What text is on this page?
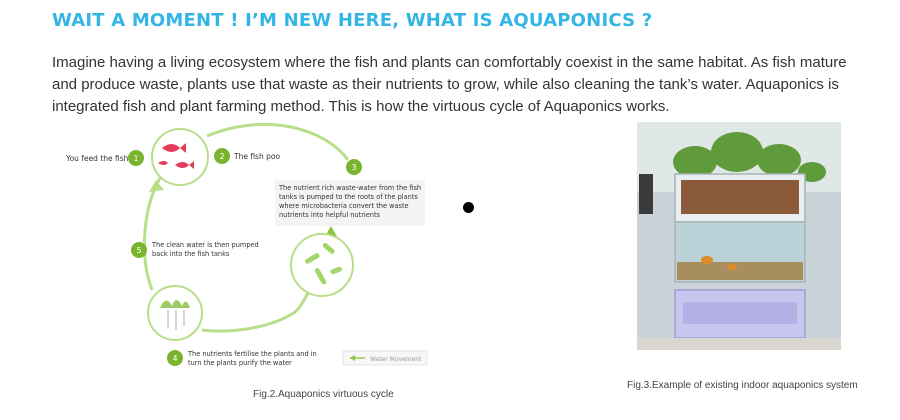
WAIT A MOMENT ! I’M NEW HERE, WHAT IS AQUAPONICS ?

Imagine having a living ecosystem where the fish and plants can comfortably coexist in the same habitat. As fish mature and produce waste, plants use that waste as their nutrients to grow, while also cleaning the tank’s water. Aquaponics is integrated fish and plant farming method. This is how the virtuous cycle of Aquaponics works.

1	2
3
4
5
You feed the fish	The fish poo
The nutrient rich waste-water from the fish
tanks is pumped to the roots of the plants
where microbacteria convert the waste
nutrients into helpful nutrients
The nutrients fertilise the plants and in
turn the plants purify the water
The clean water is then pumped
back into the fish tanks
Water Movement
Fig.2.Aquaponics virtuous cycle
Fig.3.Example of existing indoor aquaponics system
